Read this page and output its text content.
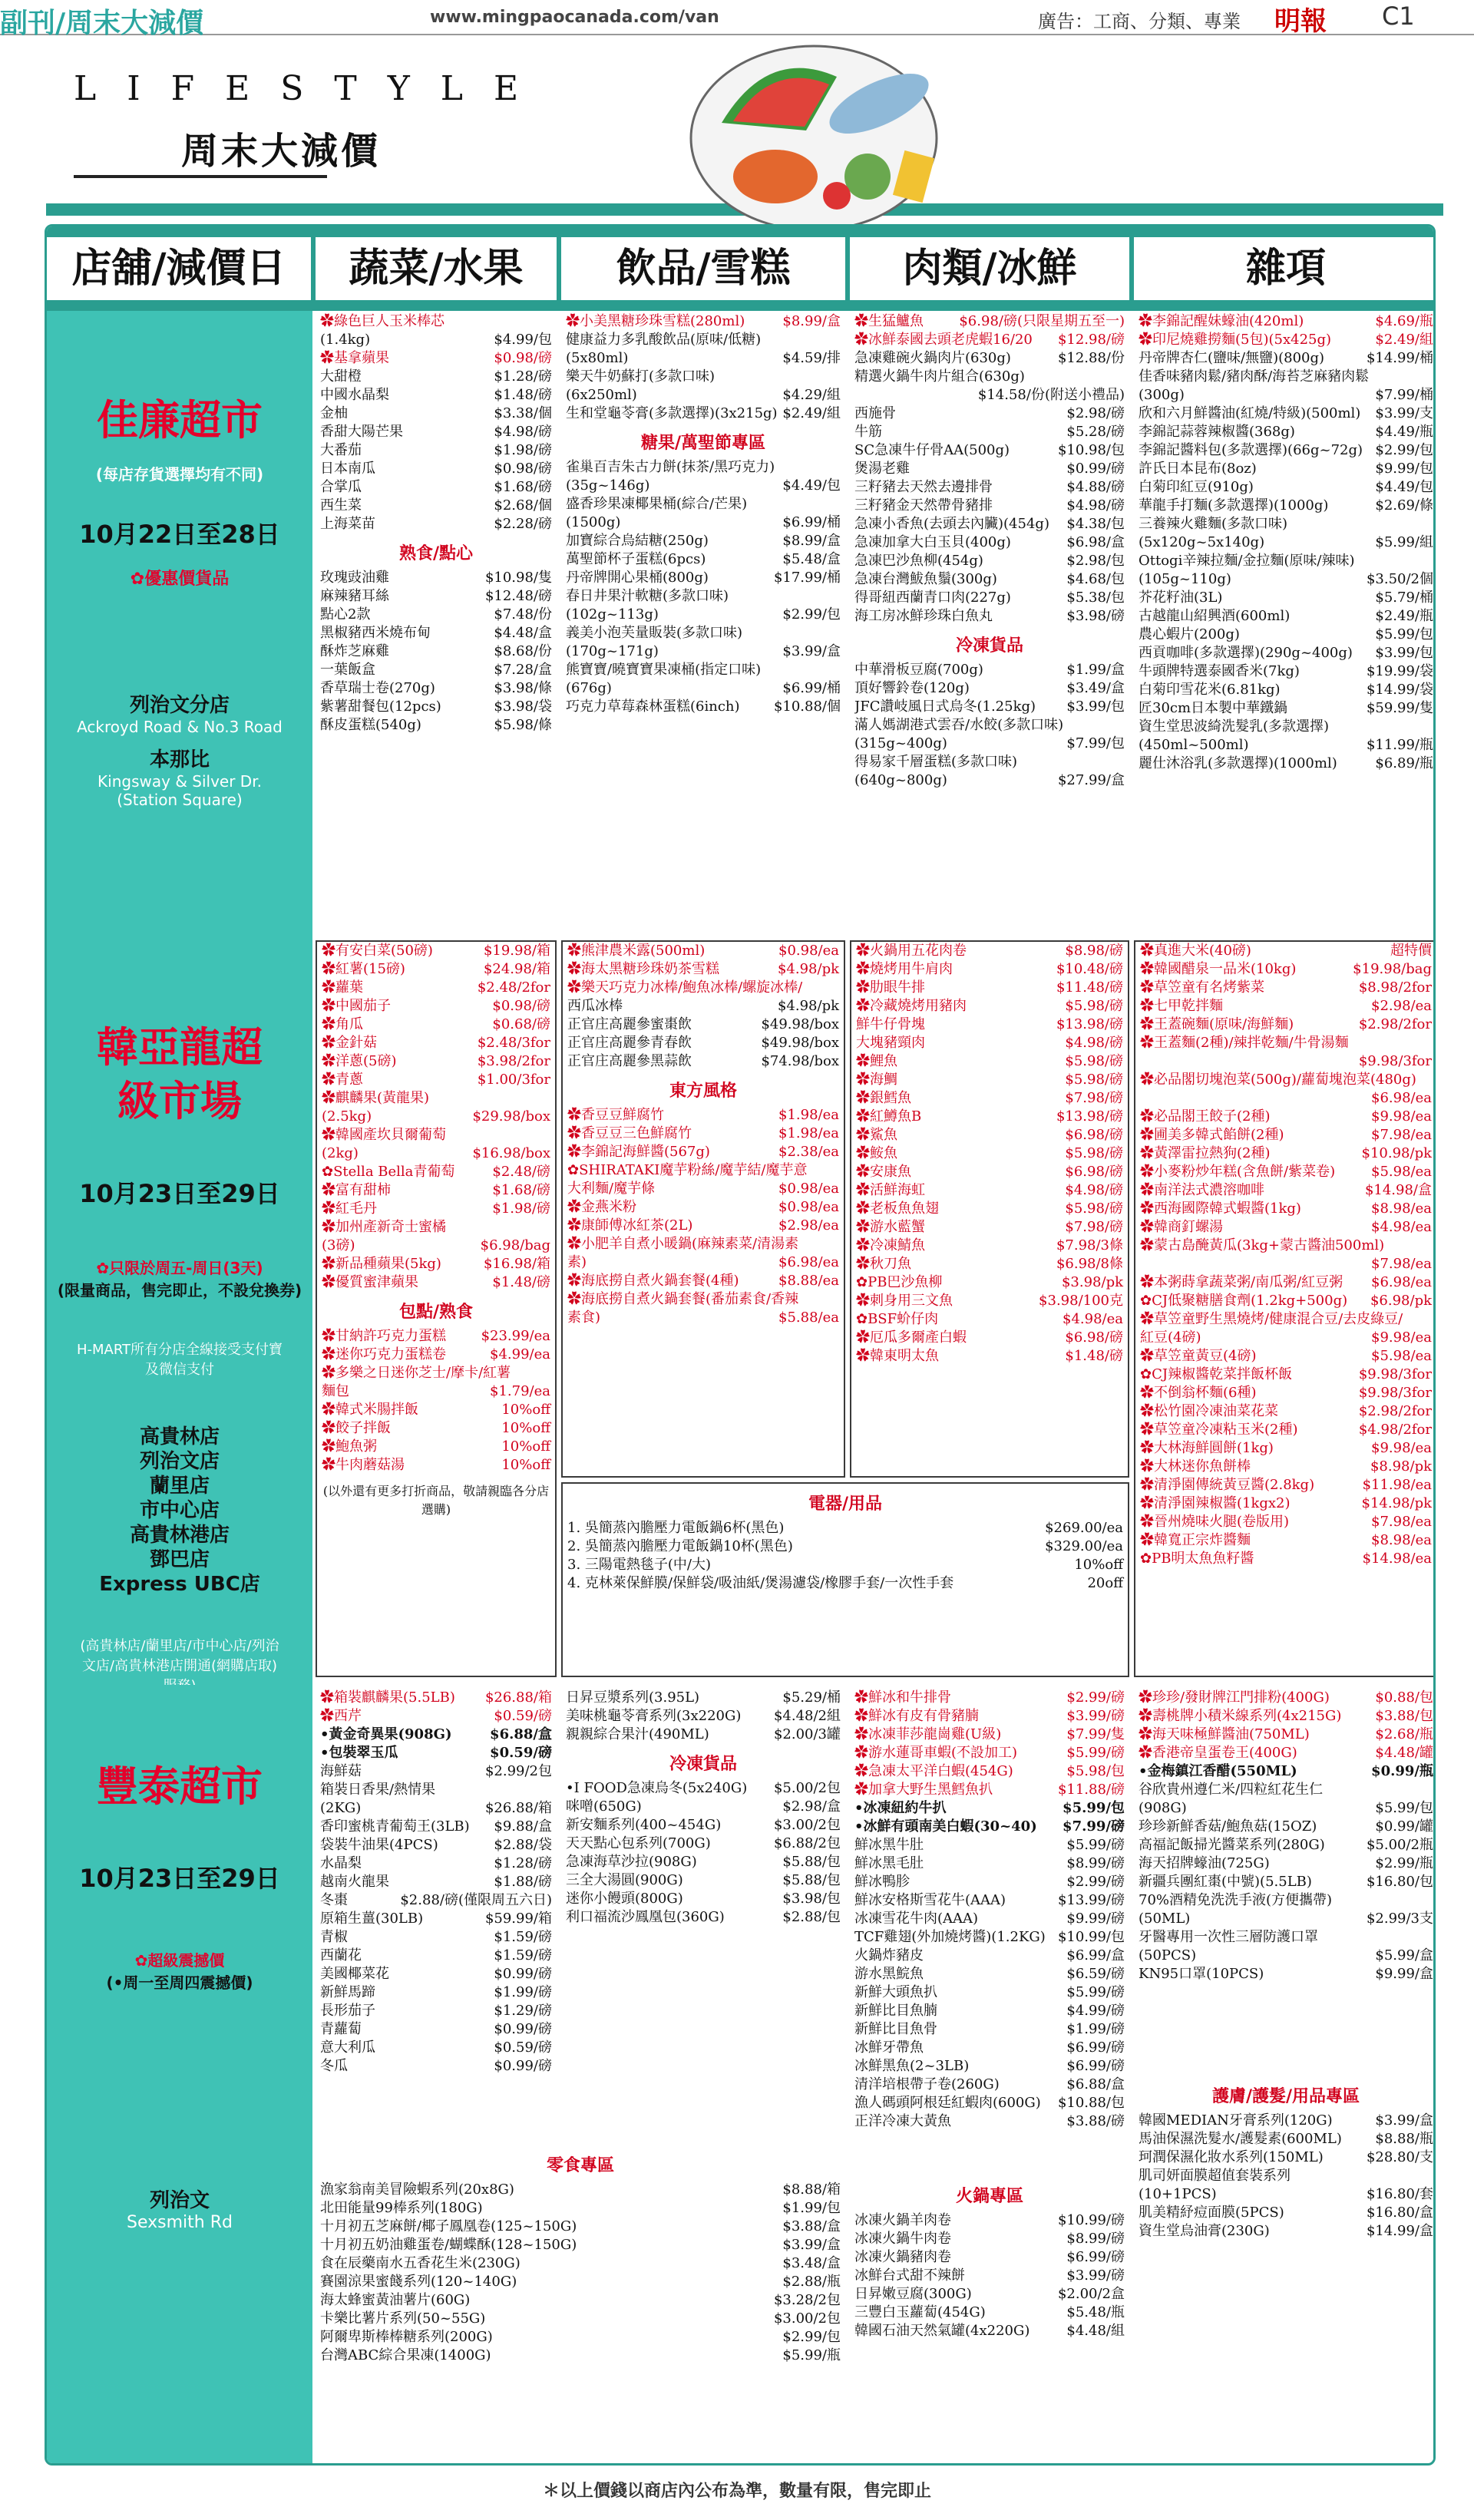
副刊/周末大減價	www.mingpaocanada.com/van	廣告：工商、分類、專業 明報 C1
LIFESTYLE
周末大減價
店舖/減價日	蔬菜/水果	飲品/雪糕	肉類/冰鮮	雜項
佳廉超市
(每店存貨選擇均有不同)
10月22日至28日
✿優惠價貨品
列治文分店
Ackroyd Road & No.3 Road
本那比
Kingsway & Silver Dr.
(Station Square)
✿綠色巨人玉米棒芯
(1.4kg)	$4.99/包
✿基拿蘋果	$0.98/磅
大甜橙	$1.28/磅
中國水晶梨	$1.48/磅
金柚	$3.38/個
香甜大陽芒果	$4.98/磅
大番茄	$1.98/磅
日本南瓜	$0.98/磅
合掌瓜	$1.68/磅
西生菜	$2.68/個
上海菜苗	$2.28/磅
熟食/點心
玫瑰豉油雞	$10.98/隻
麻辣豬耳絲	$12.48/磅
點心2款	$7.48/份
黑椒豬西米燒布甸	$4.48/盒
酥炸芝麻雞	$8.68/份
一葉飯盒	$7.28/盒
香草瑞士卷(270g)	$3.98/條
紫薯甜餐包(12pcs)	$3.98/袋
酥皮蛋糕(540g)	$5.98/條
✿小美黑糖珍珠雪糕(280ml)	$8.99/盒
健康益力多乳酸飲品(原味/低糖)
(5x80ml)	$4.59/排
樂天牛奶蘇打(多款口味)
(6x250ml)	$4.29/組
生和堂龜苓膏(多款選擇)(3x215g) $2.49/組
糖果/萬聖節專區
雀巢百吉朱古力餅(抹茶/黑巧克力)
(35g~146g)	$4.49/包
盛香珍果凍椰果桶(綜合/芒果)
(1500g)	$6.99/桶
加寶綜合烏結糖(250g)	$8.99/盒
萬聖節杯子蛋糕(6pcs)	$5.48/盒
丹帝牌開心果桶(800g)	$17.99/桶
春日井果汁軟糖(多款口味)
(102g~113g)	$2.99/包
義美小泡芙量販裝(多款口味)
(170g~171g)	$3.99/盒
熊寶寶/曉寶寶果凍桶(指定口味)
(676g)	$6.99/桶
巧克力草莓森林蛋糕(6inch) $10.88/個
✿生猛鱸魚	$6.98/磅(只限星期五至一)
✿冰鮮泰國去頭老虎蝦16/20 $12.98/磅
急凍雞碗火鍋肉片(630g)	$12.88/份
精選火鍋牛肉片組合(630g)
$14.58/份(附送小禮品)
西施骨	$2.98/磅
牛筋	$5.28/磅
SC急凍牛仔骨AA(500g)	$10.98/包
煲湯老雞	$0.99/磅
三籽豬去天然去邊排骨	$4.88/磅
三籽豬金天然帶骨豬排	$4.98/磅
急凍小香魚(去頭去內臟)(454g) $4.38/包
急凍加拿大白玉貝(400g)	$6.98/盒
急凍巴沙魚柳(454g)	$2.98/包
急凍台灣鮁魚鬚(300g)	$4.68/包
得哥紐西蘭青口肉(227g)	$5.38/包
海工房冰鮮珍珠白魚丸	$3.98/磅
冷凍貨品
中華滑板豆腐(700g)	$1.99/盒
頂好響鈴卷(120g)	$3.49/盒
JFC讚岐風日式烏冬(1.25kg) $3.99/包
滿人媽湖港式雲吞/水餃(多款口味)
(315g~400g)	$7.99/包
得易家千層蛋糕(多款口味)
(640g~800g)	$27.99/盒
✿李錦記醒妹蠔油(420ml)	$4.69/瓶
✿印尼燒雞撈麵(5包)(5x425g)	$2.49/組
丹帝牌杏仁(鹽味/無鹽)(800g)	$14.99/桶
佳香味豬肉鬆/豬肉酥/海苔芝麻豬肉鬆
(300g)	$7.99/桶
欣和六月鮮醬油(紅燒/特級)(500ml) $3.99/支
李錦記蒜蓉辣椒醬(368g)	$4.49/瓶
李錦記醬料包(多款選擇)(66g~72g) $2.99/包
許氏日本昆布(8oz)	$9.99/包
白菊印紅豆(910g)	$4.49/包
華龍手打麵(多款選擇)(1000g)	$2.69/條
三養辣火雞麵(多款口味)
(5x120g~5x140g)	$5.99/組
Ottogi辛辣拉麵/金拉麵(原味/辣味)
(105g~110g)	$3.50/2個
芥花籽油(3L)	$5.79/桶
古越龍山紹興酒(600ml)	$2.49/瓶
農心蝦片(200g)	$5.99/包
西貢咖啡(多款選擇)(290g~400g) $3.99/包
牛頭牌特選泰國香米(7kg)	$19.99/袋
白菊印雪花米(6.81kg)	$14.99/袋
匠30cm日本製中華鐵鍋	$59.99/隻
資生堂思波綺洗髮乳(多款選擇)
(450ml~500ml)	$11.99/瓶
麗仕沐浴乳(多款選擇)(1000ml)	$6.89/瓶
韓亞龍超級市場
10月23日至29日
✿只限於周五-周日(3天)
(限量商品，售完即止，不設兌換券)
H-MART所有分店全線接受支付寶及微信支付
高貴林店
列治文店
蘭里店
市中心店
高貴林港店
鄧巴店
Express UBC店
(高貴林店/蘭里店/市中心店/列治文店/高貴林港店開通(網購店取)
✿有安白菜(50磅)	$19.98/箱
✿紅薯(15磅)	$24.98/箱
✿蘿葉	$2.48/2for
✿中國茄子	$0.98/磅
✿角瓜	$0.68/磅
✿金針菇	$2.48/3for
✿洋蔥(5磅)	$3.98/2for
✿青蔥	$1.00/3for
✿麒麟果(黃龍果)
(2.5kg)	$29.98/box
✿韓國產坎貝爾葡萄
(2kg)	$16.98/box
✿Stella Bella青葡萄	$2.48/磅
✿富有甜柿	$1.68/磅
✿紅毛丹	$1.98/磅
✿加州產新奇士蜜橘
(3磅)	$6.98/bag
✿新品種蘋果(5kg)	$16.98/箱
✿優質蜜津蘋果	$1.48/磅
包點/熟食
✿甘納許巧克力蛋糕	$23.99/ea
✿迷你巧克力蛋糕卷	$4.99/ea
✿多樂之日迷你芝士/摩卡/紅薯
麵包	$1.79/ea
✿韓式米腸拌飯	10%off
✿餃子拌飯	10%off
✿鮑魚粥	10%off
✿牛肉蘑菇湯	10%off
(以外還有更多打折商品，敬請親臨各分店選購)
✿熊津農米露(500ml)	$0.98/ea
✿海太黑糖珍珠奶茶雪糕	$4.98/pk
✿樂天巧克力冰棒/鮑魚冰棒/螺旋冰棒/
西瓜冰棒	$4.98/pk
正官庄高麗參蜜棗飲	$49.98/box
正官庄高麗參青春飲	$49.98/box
正官庄高麗參黑蒜飲	$74.98/box
東方風格
✿香豆豆鮮腐竹	$1.98/ea
✿香豆豆三色鮮腐竹	$1.98/ea
✿李錦記海鮮醬(567g)	$2.38/ea
✿SHIRATAKI魔芋粉絲/魔芋結/魔芋意
大利麵/魔芋條	$0.98/ea
✿金燕米粉	$0.98/ea
✿康師傅冰紅茶(2L)	$2.98/ea
✿小肥羊自煮小暖鍋(麻辣素菜/清湯素
素)	$6.98/ea
✿海底撈自煮火鍋套餐(4種)	$8.88/ea
✿海底撈自煮火鍋套餐(番茄素食/香辣
素食)	$5.88/ea
✿火鍋用五花肉卷	$8.98/磅
✿燒烤用牛肩肉	$10.48/磅
✿肋眼牛排	$11.48/磅
✿冷藏燒烤用豬肉	$5.98/磅
鮮牛仔骨塊	$13.98/磅
大塊豬頸肉	$4.98/磅
✿鯉魚	$5.98/磅
✿海鯛	$5.98/磅
✿銀鱈魚	$7.98/磅
✿紅鱒魚B	$13.98/磅
✿鯊魚	$6.98/磅
✿鮟魚	$5.98/磅
✿安康魚	$6.98/磅
✿活鮮海虹	$4.98/磅
✿老板魚魚翅	$5.98/磅
✿游水藍蟹	$7.98/磅
✿冷凍鯖魚	$7.98/3條
✿秋刀魚	$6.98/8條
✿PB巴沙魚柳	$3.98/pk
✿刺身用三文魚	$3.98/100克
✿BSF蚧仔肉	$4.98/ea
✿厄瓜多爾產白蝦	$6.98/磅
✿韓東明太魚	$1.48/磅
✿真進大米(40磅)	超特價
✿韓國醋泉一品米(10kg)	$19.98/bag
✿草笠童有名烤紫菜	$8.98/2for
✿七甲乾拌麵	$2.98/ea
✿王蓋碗麵(原味/海鮮麵)	$2.98/2for
✿王蓋麵(2種)/辣拌乾麵/牛骨湯麵
$9.98/3for
✿必品閣切塊泡菜(500g)/蘿蔔塊泡菜(480g)
$6.98/ea
✿必品閣王餃子(2種)	$9.98/ea
✿圃美多韓式餡餅(2種)	$7.98/ea
✿黃澤雷拉熱狗(2種)	$10.98/pk
✿小麥粉炒年糕(含魚餅/紫菜卷)	$5.98/ea
✿南洋法式濃溶咖啡	$14.98/盒
✿西海國際韓式蝦醬(1kg)	$8.98/ea
✿韓商釘螺湯	$4.98/ea
✿蒙古島醃黃瓜(3kg+蒙古醬油500ml)
$7.98/ea
✿本粥蒔拿蔬菜粥/南瓜粥/紅豆粥 $6.98/ea
✿CJ低聚糖膳食劑(1.2kg+500g) $6.98/pk
✿草笠童野生黑燒烤/健康混合豆/去皮綠豆/
紅豆(4磅)	$9.98/ea
✿草笠童黃豆(4磅)	$5.98/ea
✿CJ辣椒醬乾菜拌飯杯飯	$9.98/3for
✿不倒翁杯麵(6種)	$9.98/3for
✿松竹園冷凍油菜花菜	$2.98/2for
✿草笠童冷凍粘玉米(2種)	$4.98/2for
✿大林海鮮圓餅(1kg)	$9.98/ea
✿大林迷你魚餅棒	$8.98/pk
✿清淨園傳統黃豆醬(2.8kg)	$11.98/ea
✿清淨園辣椒醬(1kgx2)	$14.98/pk
✿晉州燒味火腿(卷版用)	$7.98/ea
✿韓寬正宗炸醬麵	$8.98/ea
✿PB明太魚魚籽醬	$14.98/ea
電器/用品
1. 吳簡蒸內膽壓力電飯鍋6杯(黑色)	$269.00/ea
2. 吳簡蒸內膽壓力電飯鍋10杯(黑色)	$329.00/ea
3. 三陽電熱毯子(中/大)	10%off
4. 克林萊保鮮膜/保鮮袋/吸油紙/煲湯濾袋/橡膠手套/一次性手套	20off
豐泰超市
10月23日至29日
✿超級震撼價
(•周一至周四震撼價)
列治文
Sexsmith Rd
✿箱裝麒麟果(5.5LB) $26.88/箱
✿西芹	$0.59/磅
•黃金奇異果(908G)	$6.88/盒
•包裝翠玉瓜	$0.59/磅
海鮮菇	$2.99/2包
箱裝日香果/熱情果
(2KG)	$26.88/箱
香印蜜桃青葡萄王(3LB) $9.88/盒
袋裝牛油果(4PCS)	$2.88/袋
水晶梨	$1.28/磅
越南火龍果	$1.88/磅
冬棗	$2.88/磅(僅限周五六日)
原箱生薑(30LB)	$59.99/箱
青椒	$1.59/磅
西蘭花	$1.59/磅
美國椰菜花	$0.99/磅
新鮮馬蹄	$1.99/磅
長形茄子	$1.29/磅
青蘿蔔	$0.99/磅
意大利瓜	$0.59/磅
冬瓜	$0.99/磅
日昇豆漿系列(3.95L)	$5.29/桶
美味桃龜苓膏系列(3x220G) $4.48/2組
親親綜合果汁(490ML)	$2.00/3罐
冷凍貨品
•I FOOD急凍烏冬(5x240G) $5.00/2包
咪噌(650G)	$2.98/盒
新安麵系列(400~454G)	$3.00/2包
天天點心包系列(700G)	$6.88/2包
急凍海草沙拉(908G)	$5.88/包
三全大湯圓(900G)	$5.88/包
迷你小饅頭(800G)	$3.98/包
利口福流沙鳳凰包(360G)	$2.88/包
✿鮮冰和牛排骨	$2.99/磅
✿鮮冰有皮有骨豬腩	$3.99/磅
✿冰凍菲莎龍崗雞(U級)	$7.99/隻
✿游水蓮哥車蝦(不設加工)	$5.99/磅
✿急凍太平洋白蝦(454G)	$5.98/包
✿加拿大野生黑鱈魚扒	$11.88/磅
•冰凍紐約牛扒	$5.99/包
•冰鮮有頭南美白蝦(30~40) $7.99/磅
鮮冰黑牛肚	$5.99/磅
鮮冰黑毛肚	$8.99/磅
鮮冰鴨胗	$2.99/磅
鮮冰安格斯雪花牛(AAA)	$13.99/磅
冰凍雪花牛肉(AAA)	$9.99/磅
TCF雞翅(外加燒烤醬)(1.2KG) $10.99/包
火鍋炸豬皮	$6.99/盒
游水黑鯇魚	$6.59/磅
新鮮大頭魚扒	$5.99/磅
新鮮比目魚腩	$4.99/磅
新鮮比目魚骨	$1.99/磅
冰鮮牙帶魚	$6.99/磅
冰鮮黑魚(2~3LB)	$6.99/磅
清洋培根帶子卷(260G)	$6.88/盒
漁人碼頭阿根廷紅蝦肉(600G) $10.88/包
正洋冷凍大黃魚	$3.88/磅
✿珍珍/發財牌江門排粉(400G)	$0.88/包
✿壽桃牌小積米線系列(4x215G) $3.88/包
✿海天味極鮮醬油(750ML)	$2.68/瓶
✿香港帝皇蛋卷王(400G)	$4.48/罐
•金梅鎮江香醋(550ML)	$0.99/瓶
谷欣貴州遵仁米/四粒紅花生仁
(908G)	$5.99/包
珍珍新鮮香菇/鮑魚菇(15OZ)	$0.99/罐
高福記飯掃光醬菜系列(280G)	$5.00/2瓶
海天招牌蠔油(725G)	$2.99/瓶
新疆兵團紅棗(中號)(5.5LB)	$16.80/包
70%酒精免洗洗手液(方便攜帶)
(50ML)	$2.99/3支
牙醫專用一次性三層防護口罩
(50PCS)	$5.99/盒
KN95口罩(10PCS)	$9.99/盒
零食專區
漁家翁南美冒險蝦系列(20x8G)	$8.88/箱
北田能量99棒系列(180G)	$1.99/包
十月初五芝麻餅/椰子鳳凰卷(125~150G)	$3.88/盒
十月初五奶油雞蛋卷/蝴蝶酥(128~150G)	$3.99/盒
食在辰藥南水五香花生米(230G)	$3.48/盒
賽園涼果蜜餞系列(120~140G)	$2.88/瓶
海太蜂蜜黃油薯片(60G)	$3.28/2包
卡樂比薯片系列(50~55G)	$3.00/2包
阿爾卑斯棒棒糖系列(200G)	$2.99/包
台灣ABC綜合果凍(1400G)	$5.99/瓶
火鍋專區
冰凍火鍋羊肉卷	$10.99/磅
冰凍火鍋牛肉卷	$8.99/磅
冰凍火鍋豬肉卷	$6.99/磅
冰鮮台式甜不辣餅	$3.99/磅
日昇嫩豆腐(300G)	$2.00/2盒
三豐白玉蘿蔔(454G)	$5.48/瓶
韓國石油天然氣罐(4x220G)	$4.48/組
護膚/護髮/用品專區
韓國MEDIAN牙膏系列(120G)	$3.99/盒
馬油保濕洗髮水/護髮素(600ML) $8.88/瓶
珂潤保濕化妝水系列(150ML)	$28.80/支
肌司妍面膜超值套裝系列
(10+1PCS)	$16.80/套
肌美精紓痘面膜(5PCS)	$16.80/盒
資生堂烏油膏(230G)	$14.99/盒
＊以上價錢以商店內公布為準，數量有限，售完即止
